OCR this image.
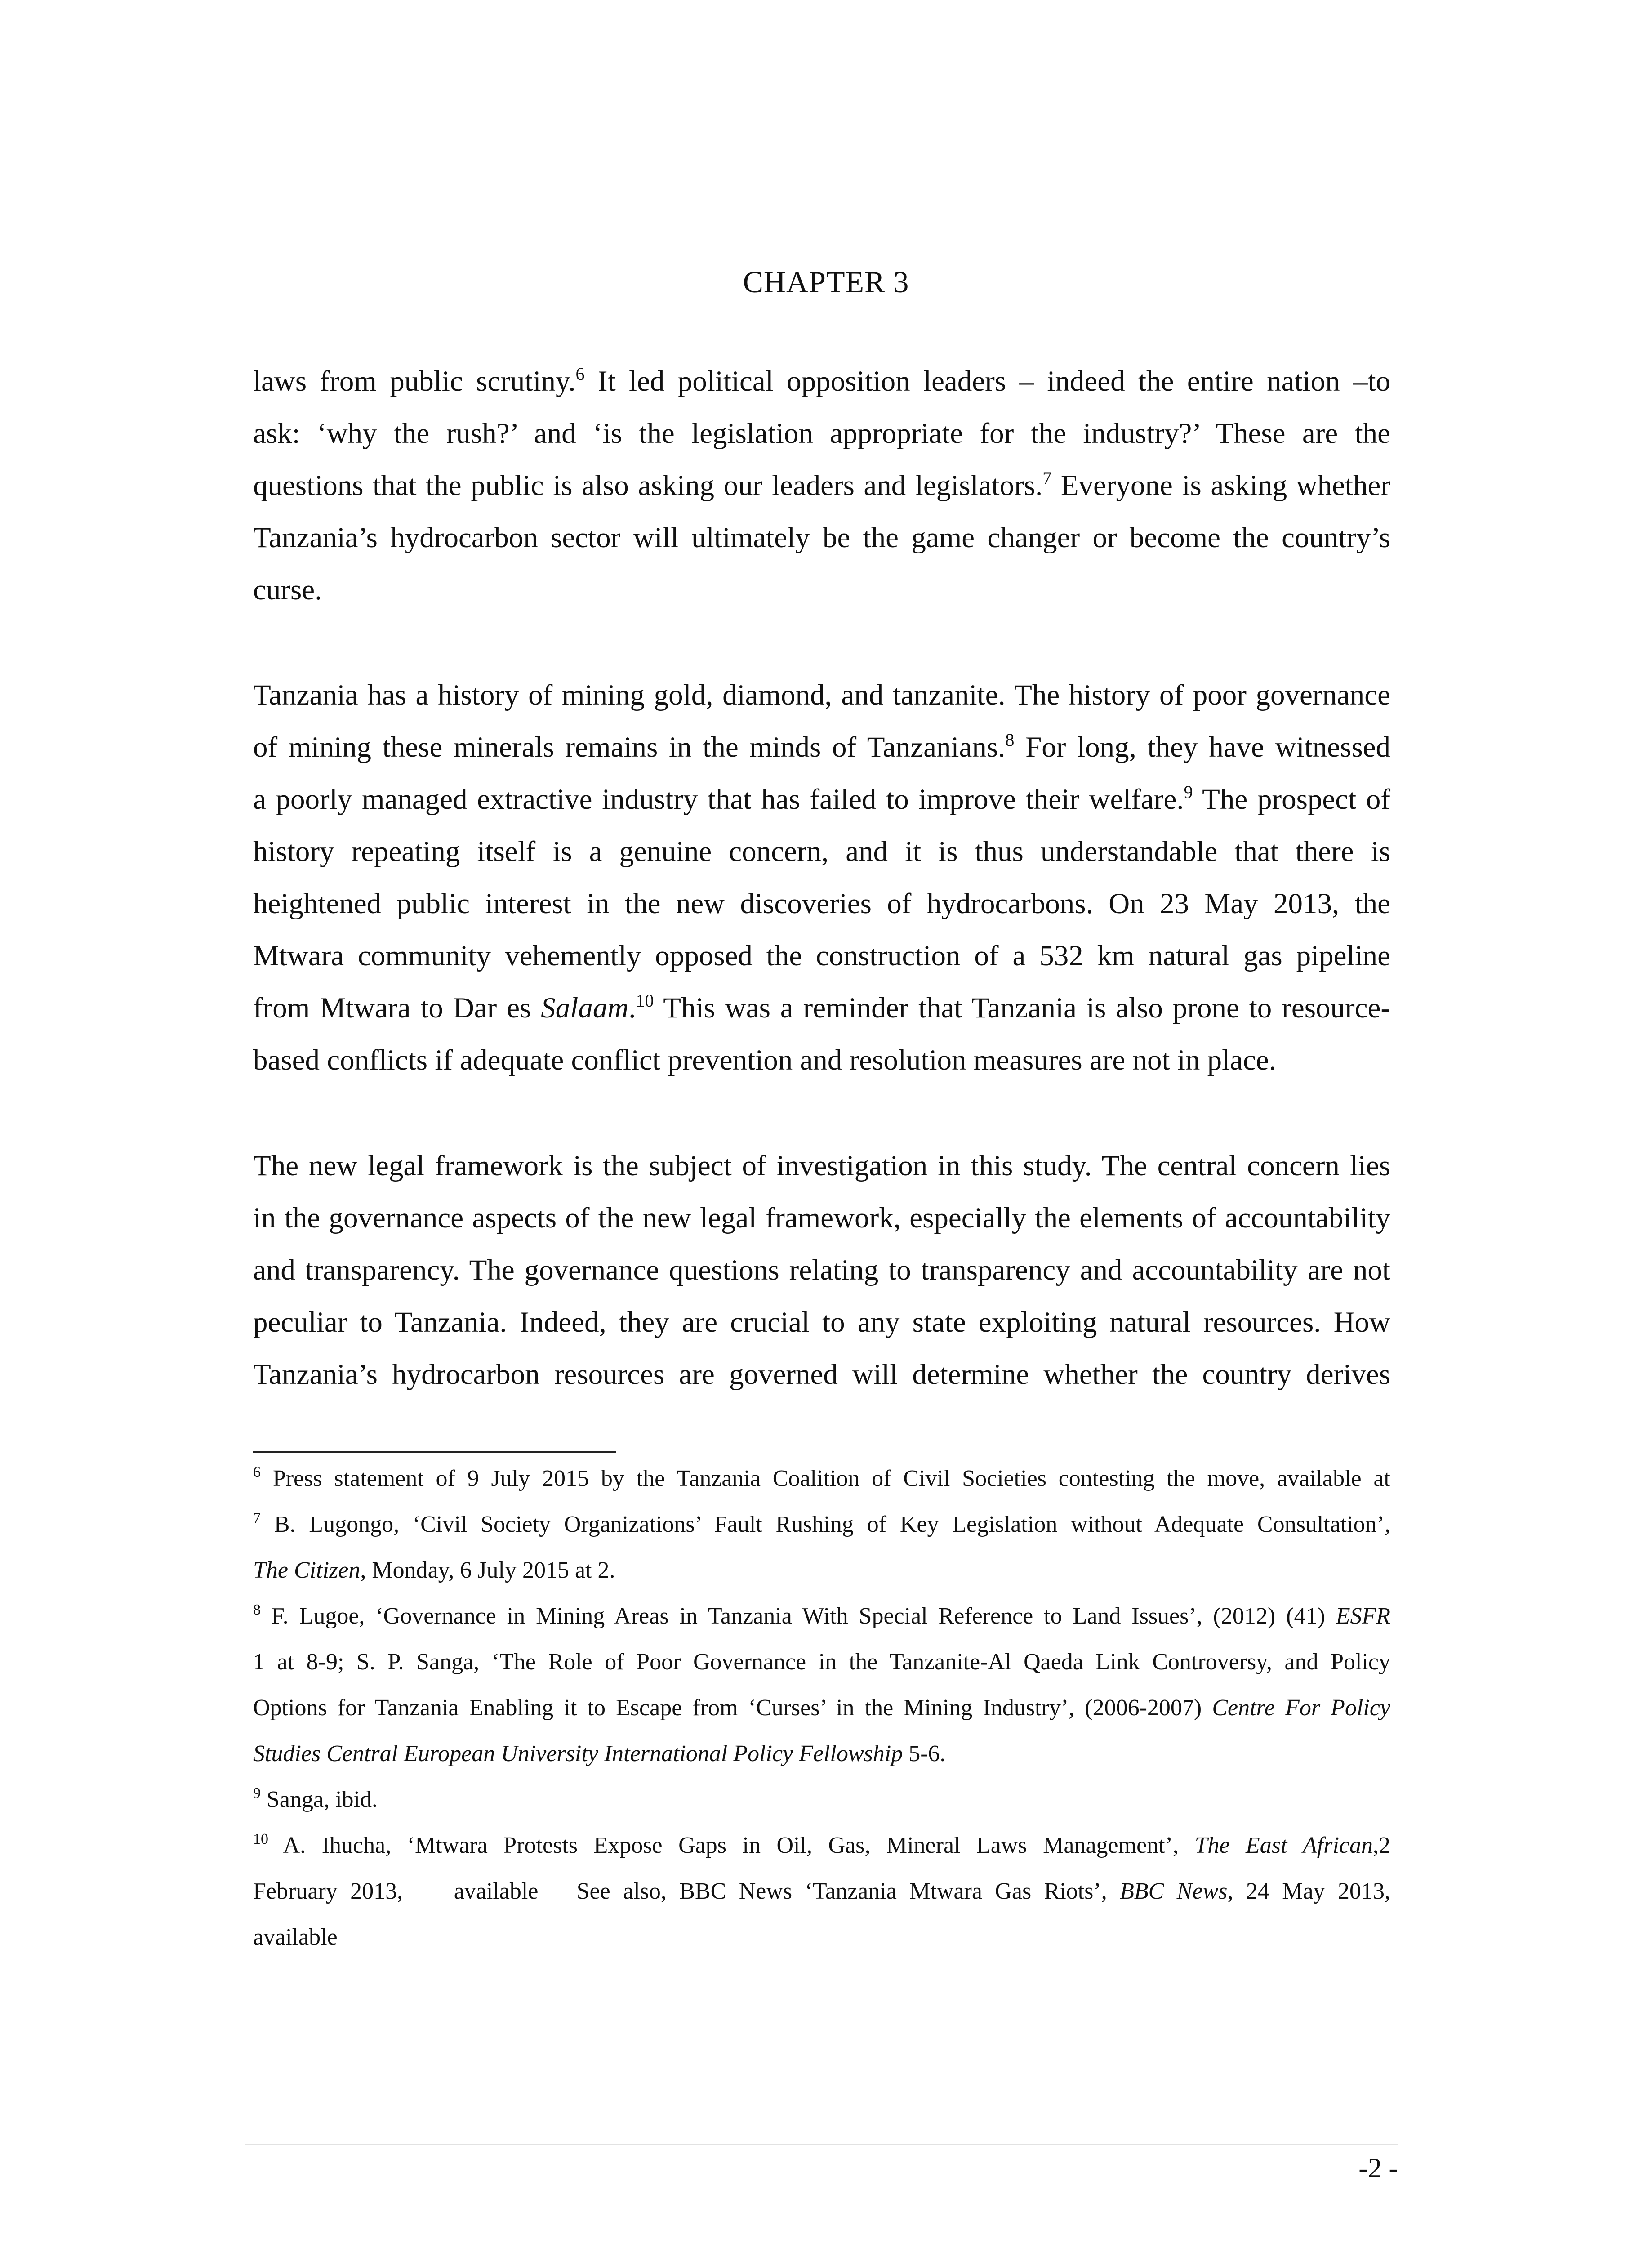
CHAPTER 3
laws from public scrutiny.$^6$ It led political opposition leaders – indeed the entire nation –to
ask: ‘why the rush?’ and ‘is the legislation appropriate for the industry?’ These are the
questions that the public is also asking our leaders and legislators.$^7$ Everyone is asking whether
Tanzania’s hydrocarbon sector will ultimately be the game changer or become the country’s
curse.
Tanzania has a history of mining gold, diamond, and tanzanite. The history of poor governance
of mining these minerals remains in the minds of Tanzanians.$^8$ For long, they have witnessed
a poorly managed extractive industry that has failed to improve their welfare.$^9$ The prospect of
history repeating itself is a genuine concern, and it is thus understandable that there is
heightened public interest in the new discoveries of hydrocarbons. On 23 May 2013, the
Mtwara community vehemently opposed the construction of a 532 km natural gas pipeline
from Mtwara to Dar es Salaam.$^{10}$ This was a reminder that Tanzania is also prone to resource-
based conflicts if adequate conflict prevention and resolution measures are not in place.
The new legal framework is the subject of investigation in this study. The central concern lies
in the governance aspects of the new legal framework, especially the elements of accountability
and transparency. The governance questions relating to transparency and accountability are not
peculiar to Tanzania. Indeed, they are crucial to any state exploiting natural resources. How
Tanzania’s hydrocarbon resources are governed will determine whether the country derives
$^6$ Press statement of 9 July 2015 by the Tanzania Coalition of Civil Societies contesting the move, available at
$^7$ B. Lugongo, ‘Civil Society Organizations’ Fault Rushing of Key Legislation without Adequate Consultation’,
The Citizen, Monday, 6 July 2015 at 2.
$^8$ F. Lugoe, ‘Governance in Mining Areas in Tanzania With Special Reference to Land Issues’, (2012) (41) ESFR
1 at 8-9; S. P. Sanga, ‘The Role of Poor Governance in the Tanzanite-Al Qaeda Link Controversy, and Policy
Options for Tanzania Enabling it to Escape from ‘Curses’ in the Mining Industry’, (2006-2007) Centre For Policy
Studies Central European University International Policy Fellowship 5-6.
$^9$ Sanga, ibid.
$^{10}$ A. Ihucha, ‘Mtwara Protests Expose Gaps in Oil, Gas, Mineral Laws Management’, The East African,2
February 2013,    available   See also, BBC News ‘Tanzania Mtwara Gas Riots’, BBC News, 24 May 2013,
available
-2 -
